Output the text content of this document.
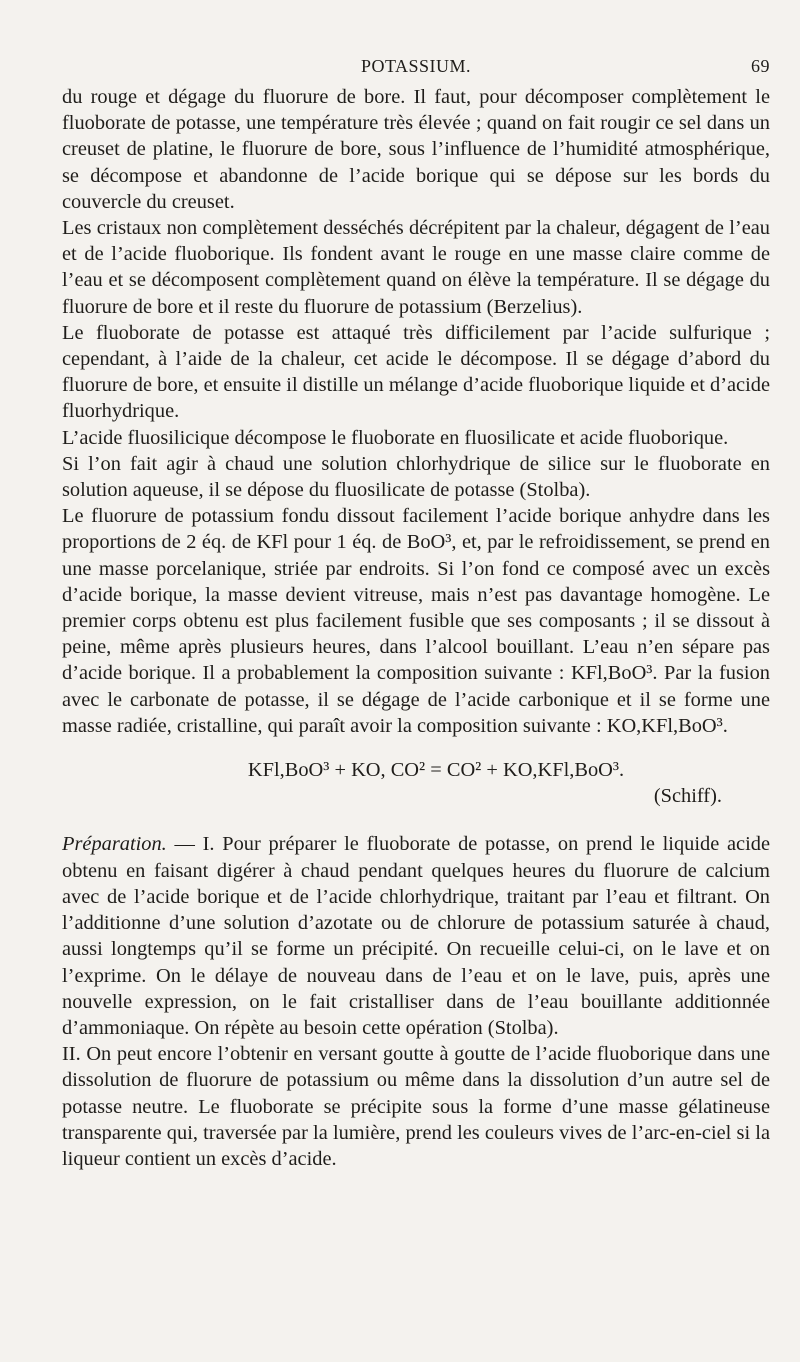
POTASSIUM.	69

du rouge et dégage du fluorure de bore. Il faut, pour décomposer complètement le fluoborate de potasse, une température très élevée ; quand on fait rougir ce sel dans un creuset de platine, le fluorure de bore, sous l’influence de l’humidité atmosphérique, se décompose et abandonne de l’acide borique qui se dépose sur les bords du couvercle du creuset.

Les cristaux non complètement desséchés décrépitent par la chaleur, dégagent de l’eau et de l’acide fluoborique. Ils fondent avant le rouge en une masse claire comme de l’eau et se décomposent complètement quand on élève la température. Il se dégage du fluorure de bore et il reste du fluorure de potassium (Berzelius).

Le fluoborate de potasse est attaqué très difficilement par l’acide sulfurique ; cependant, à l’aide de la chaleur, cet acide le décompose. Il se dégage d’abord du fluorure de bore, et ensuite il distille un mélange d’acide fluoborique liquide et d’acide fluorhydrique.

L’acide fluosilicique décompose le fluoborate en fluosilicate et acide fluoborique.

Si l’on fait agir à chaud une solution chlorhydrique de silice sur le fluoborate en solution aqueuse, il se dépose du fluosilicate de potasse (Stolba).

Le fluorure de potassium fondu dissout facilement l’acide borique anhydre dans les proportions de 2 éq. de KFl pour 1 éq. de BoO³, et, par le refroidissement, se prend en une masse porcelanique, striée par endroits. Si l’on fond ce composé avec un excès d’acide borique, la masse devient vitreuse, mais n’est pas davantage homogène. Le premier corps obtenu est plus facilement fusible que ses composants ; il se dissout à peine, même après plusieurs heures, dans l’alcool bouillant. L’eau n’en sépare pas d’acide borique. Il a probablement la composition suivante : KFl,BoO³. Par la fusion avec le carbonate de potasse, il se dégage de l’acide carbonique et il se forme une masse radiée, cristalline, qui paraît avoir la composition suivante : KO,KFl,BoO³.

KFl,BoO³ + KO, CO² = CO² + KO,KFl,BoO³.

(Schiff).

Préparation. — I. Pour préparer le fluoborate de potasse, on prend le liquide acide obtenu en faisant digérer à chaud pendant quelques heures du fluorure de calcium avec de l’acide borique et de l’acide chlorhydrique, traitant par l’eau et filtrant. On l’additionne d’une solution d’azotate ou de chlorure de potassium saturée à chaud, aussi longtemps qu’il se forme un précipité. On recueille celui-ci, on le lave et on l’exprime. On le délaye de nouveau dans de l’eau et on le lave, puis, après une nouvelle expression, on le fait cristalliser dans de l’eau bouillante additionnée d’ammoniaque. On répète au besoin cette opération (Stolba).

II. On peut encore l’obtenir en versant goutte à goutte de l’acide fluoborique dans une dissolution de fluorure de potassium ou même dans la dissolution d’un autre sel de potasse neutre. Le fluoborate se précipite sous la forme d’une masse gélatineuse transparente qui, traversée par la lumière, prend les couleurs vives de l’arc-en-ciel si la liqueur contient un excès d’acide.
